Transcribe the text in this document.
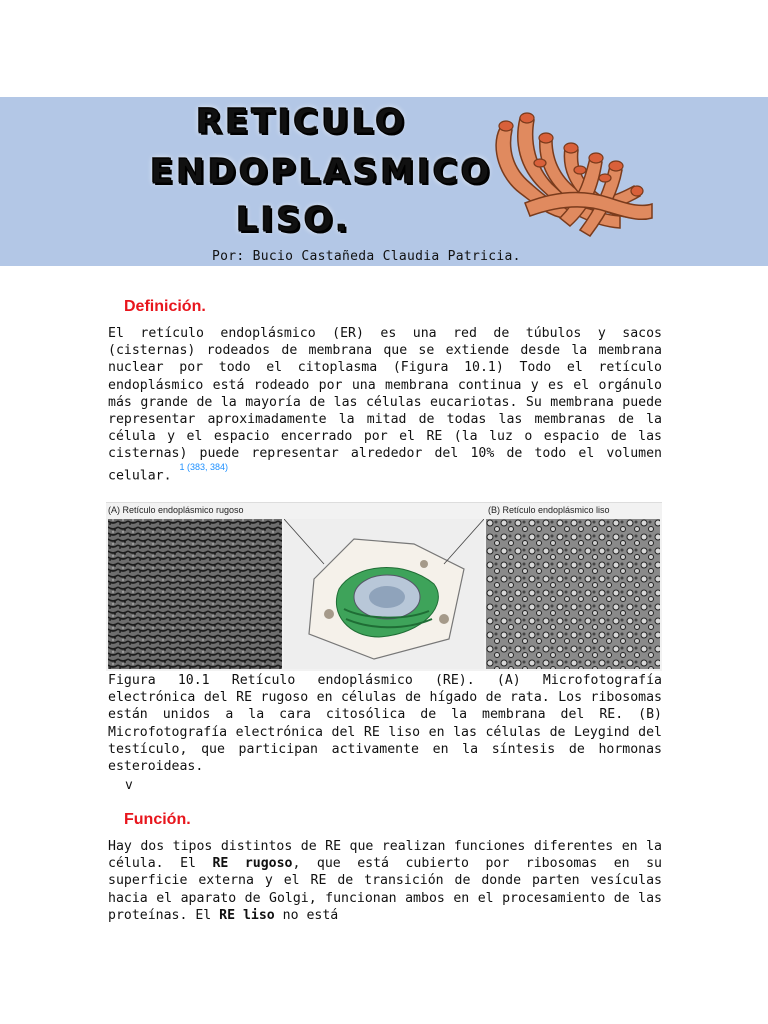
RETICULO
ENDOPLASMICO
LISO.
Por: Bucio Castañeda Claudia Patricia.
Definición.

El retículo endoplásmico (ER) es una red de túbulos y sacos (cisternas) rodeados de membrana que se extiende desde la membrana nuclear por todo el citoplasma (Figura 10.1) Todo el retículo endoplásmico está rodeado por una membrana continua y es el orgánulo más grande de la mayoría de las células eucariotas. Su membrana puede representar aproximadamente la mitad de todas las membranas de la célula y el espacio encerrado por el RE (la luz o espacio de las cisternas) puede representar alrededor del 10% de todo el volumen celular. $^{1 (383, 384)}$

(A) Retículo endoplásmico rugoso	(B) Retículo endoplásmico liso

Figura 10.1 Retículo endoplásmico (RE). (A) Microfotografía electrónica del RE rugoso en células de hígado de rata. Los ribosomas están unidos a la cara citosólica de la membrana del RE. (B) Microfotografía electrónica del RE liso en las células de Leygind del testículo, que participan activamente en la síntesis de hormonas esteroideas.

v
Función.

Hay dos tipos distintos de RE que realizan funciones diferentes en la célula. El RE rugoso, que está cubierto por ribosomas en su superficie externa y el RE de transición de donde parten vesículas hacia el aparato de Golgi, funcionan ambos en el procesamiento de las proteínas. El RE liso no está
